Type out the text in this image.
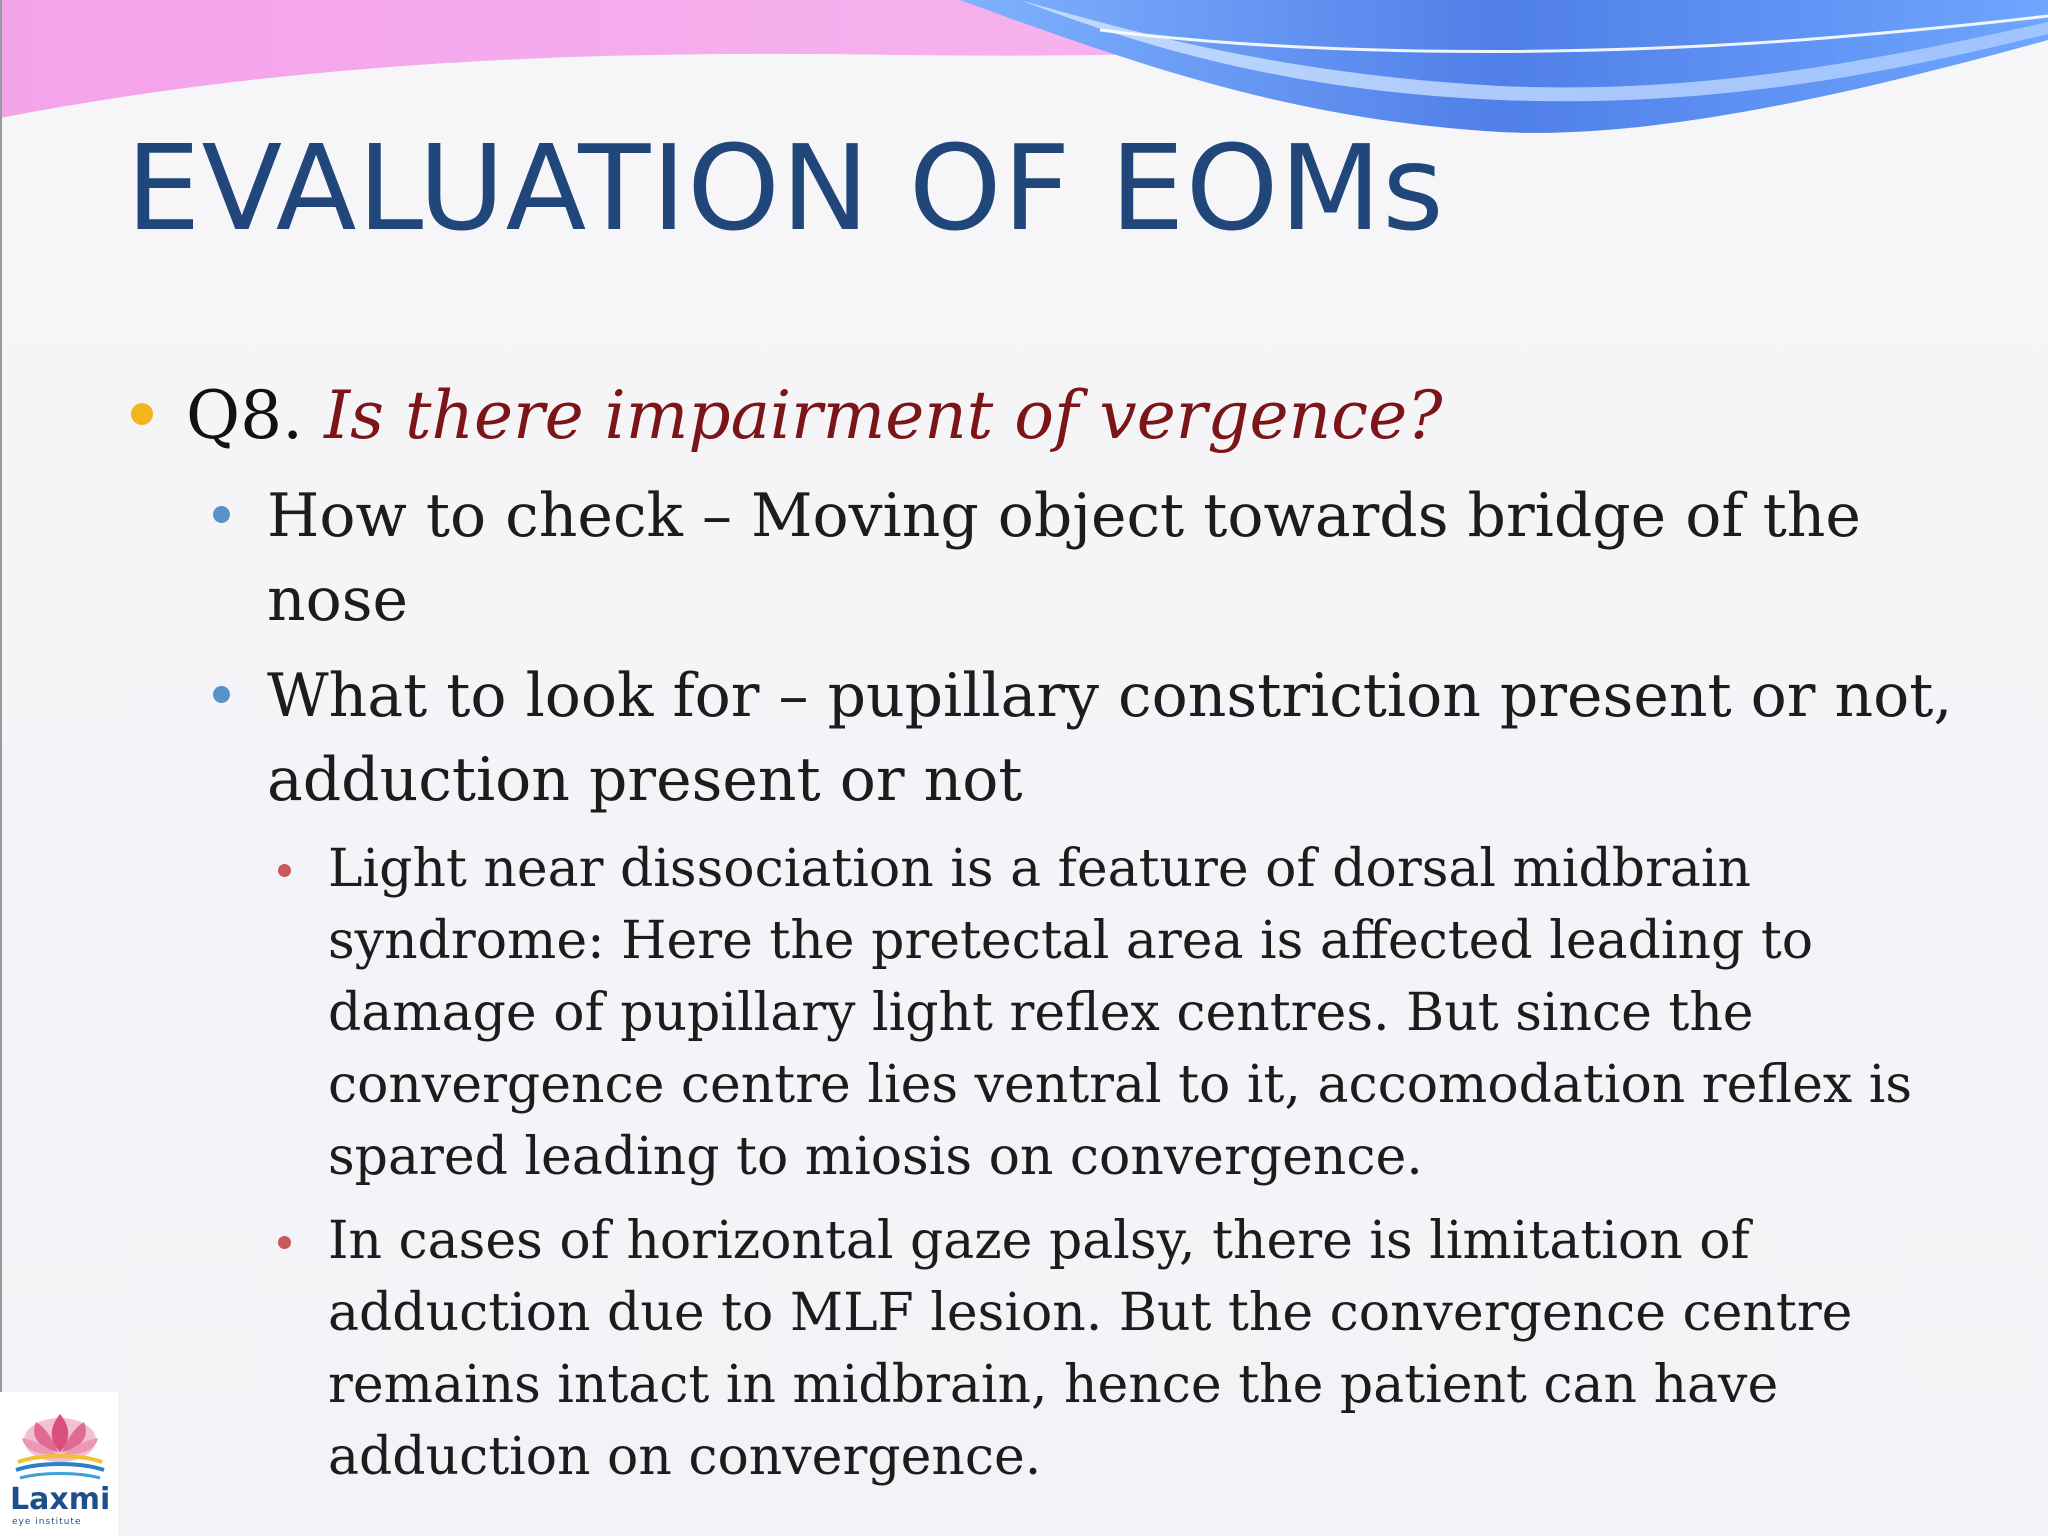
EVALUATION OF EOMs
Q8. Is there impairment of vergence?
How to check – Moving object towards bridge of the
nose
What to look for – pupillary constriction present or not,
adduction present or not
Light near dissociation is a feature of dorsal midbrain
syndrome: Here the pretectal area is affected leading to
damage of pupillary light reflex centres. But since the
convergence centre lies ventral to it, accomodation reflex is
spared leading to miosis on convergence.
In cases of horizontal gaze palsy, there is limitation of
adduction due to MLF lesion. But the convergence centre
remains intact in midbrain, hence the patient can have
adduction on convergence.
Laxmi
eye institute
